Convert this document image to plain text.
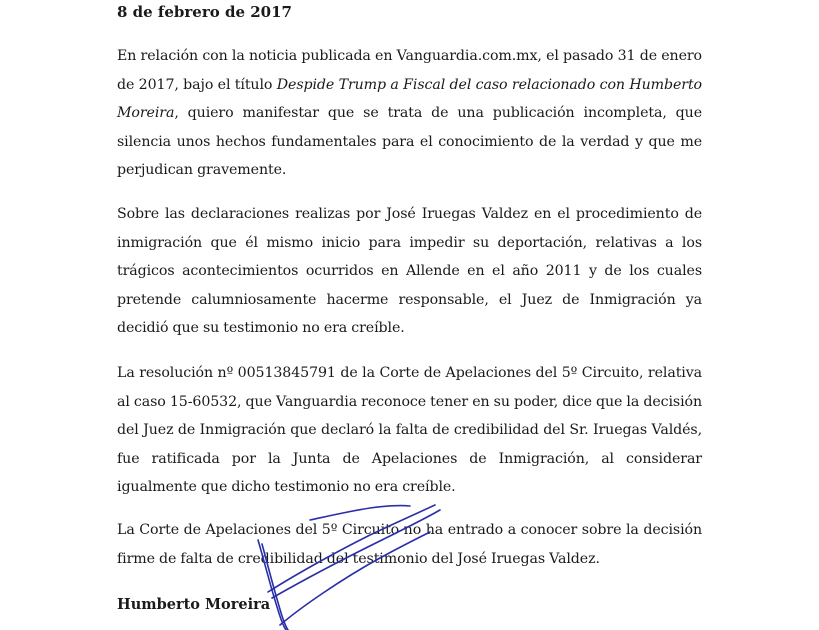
8 de febrero de 2017

En relación con la noticia publicada en Vanguardia.com.mx, el pasado 31 de enero de 2017, bajo el título Despide Trump a Fiscal del caso relacionado con Humberto Moreira, quiero manifestar que se trata de una publicación incompleta, que silencia unos hechos fundamentales para el conocimiento de la verdad y que me perjudican gravemente.

Sobre las declaraciones realizas por José Iruegas Valdez en el procedimiento de inmigración que él mismo inicio para impedir su deportación, relativas a los trágicos acontecimientos ocurridos en Allende en el año 2011 y de los cuales pretende calumniosamente hacerme responsable, el Juez de Inmigración ya decidió que su testimonio no era creíble.

La resolución nº 00513845791 de la Corte de Apelaciones del 5º Circuito, relativa al caso 15-60532, que Vanguardia reconoce tener en su poder, dice que la decisión del Juez de Inmigración que declaró la falta de credibilidad del Sr. Iruegas Valdés, fue ratificada por la Junta de Apelaciones de Inmigración, al considerar igualmente que dicho testimonio no era creíble.

La Corte de Apelaciones del 5º Circuito no ha entrado a conocer sobre la decisión firme de falta de credibilidad del testimonio del José Iruegas Valdez.

Humberto Moreira
